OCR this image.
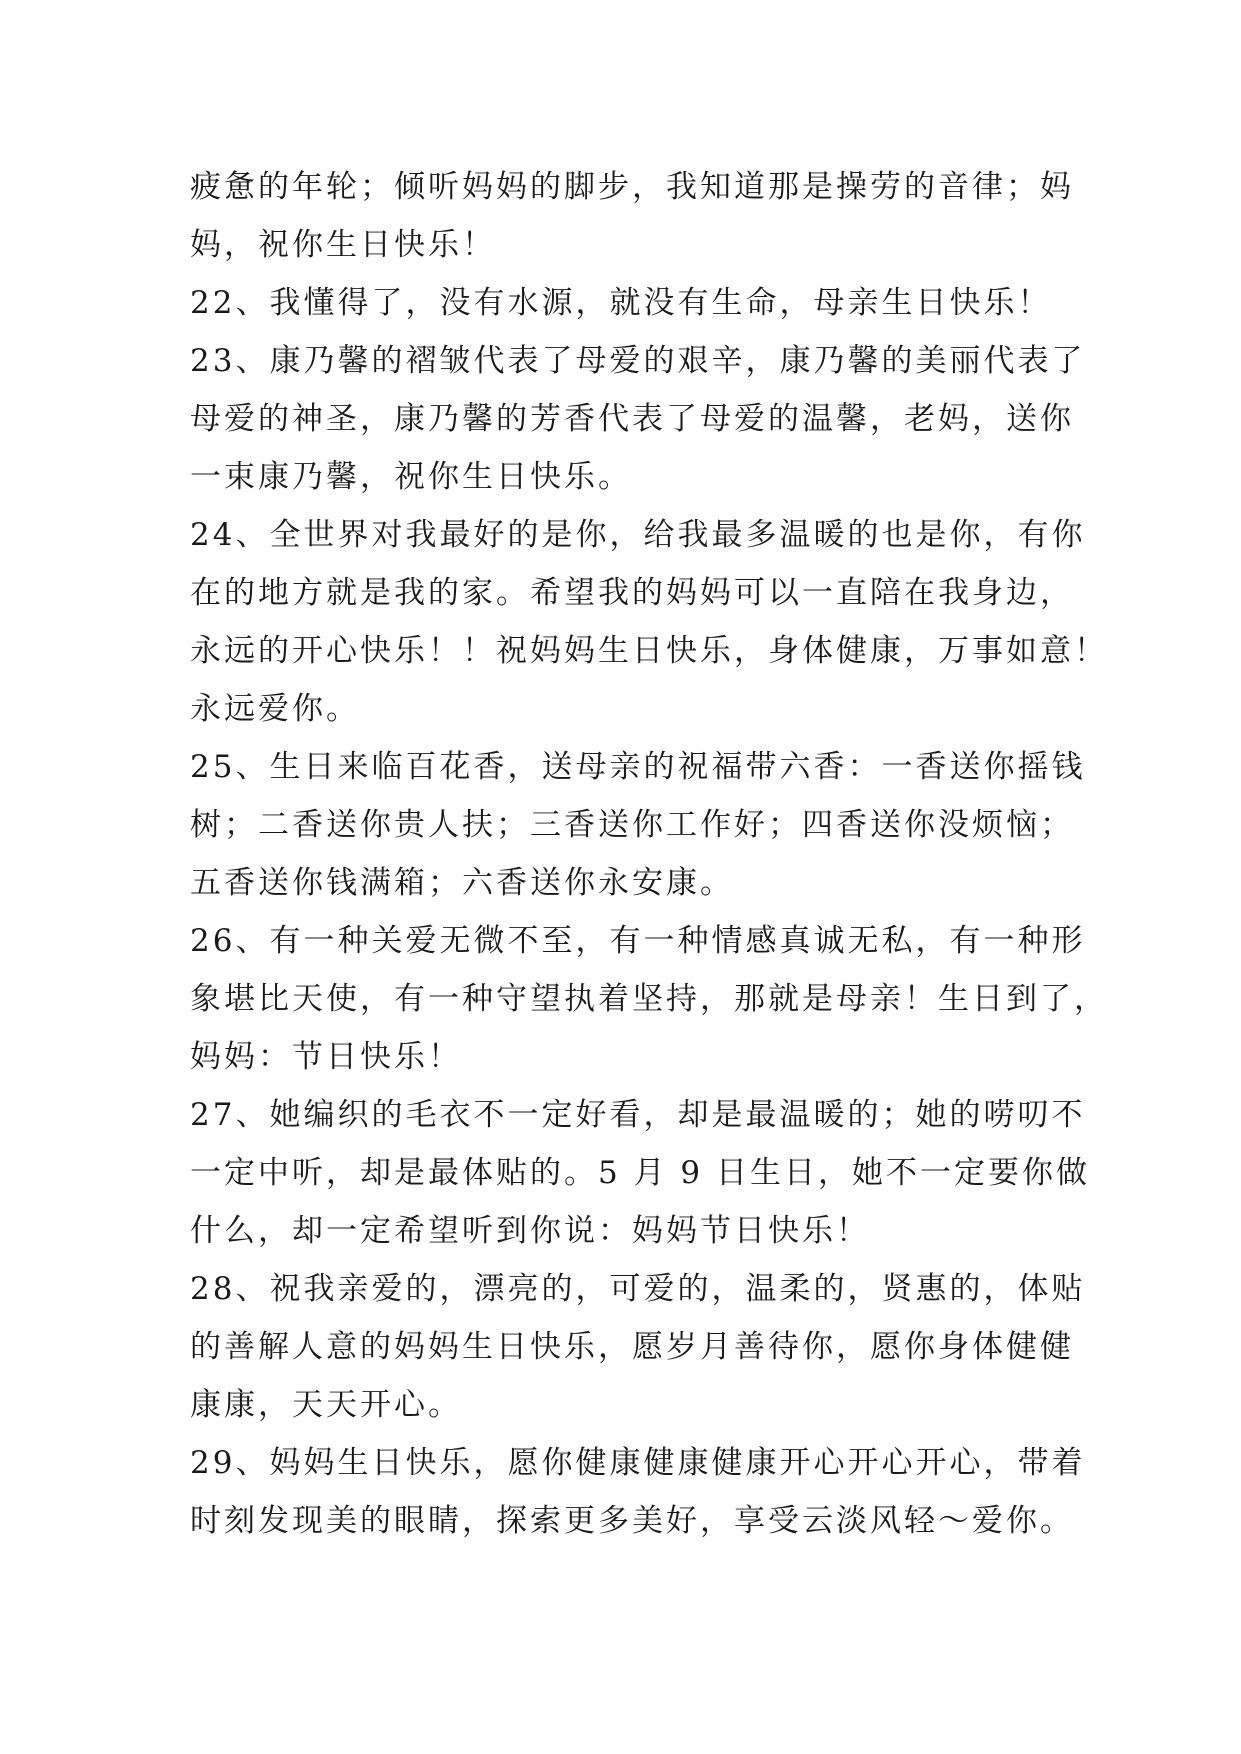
疲惫的年轮；倾听妈妈的脚步，我知道那是操劳的音律；妈
妈，祝你生日快乐！
22、我懂得了，没有水源，就没有生命，母亲生日快乐！
23、康乃馨的褶皱代表了母爱的艰辛，康乃馨的美丽代表了
母爱的神圣，康乃馨的芳香代表了母爱的温馨，老妈，送你
一束康乃馨，祝你生日快乐。
24、全世界对我最好的是你，给我最多温暖的也是你，有你
在的地方就是我的家。希望我的妈妈可以一直陪在我身边，
永远的开心快乐！！祝妈妈生日快乐，身体健康，万事如意！
永远爱你。
25、生日来临百花香，送母亲的祝福带六香：一香送你摇钱
树；二香送你贵人扶；三香送你工作好；四香送你没烦恼；
五香送你钱满箱；六香送你永安康。
26、有一种关爱无微不至，有一种情感真诚无私，有一种形
象堪比天使，有一种守望执着坚持，那就是母亲！生日到了，
妈妈：节日快乐！
27、她编织的毛衣不一定好看，却是最温暖的；她的唠叨不
一定中听，却是最体贴的。5 月 9 日生日，她不一定要你做
什么，却一定希望听到你说：妈妈节日快乐！
28、祝我亲爱的，漂亮的，可爱的，温柔的，贤惠的，体贴
的善解人意的妈妈生日快乐，愿岁月善待你，愿你身体健健
康康，天天开心。
29、妈妈生日快乐，愿你健康健康健康开心开心开心，带着
时刻发现美的眼睛，探索更多美好，享受云淡风轻～爱你。
